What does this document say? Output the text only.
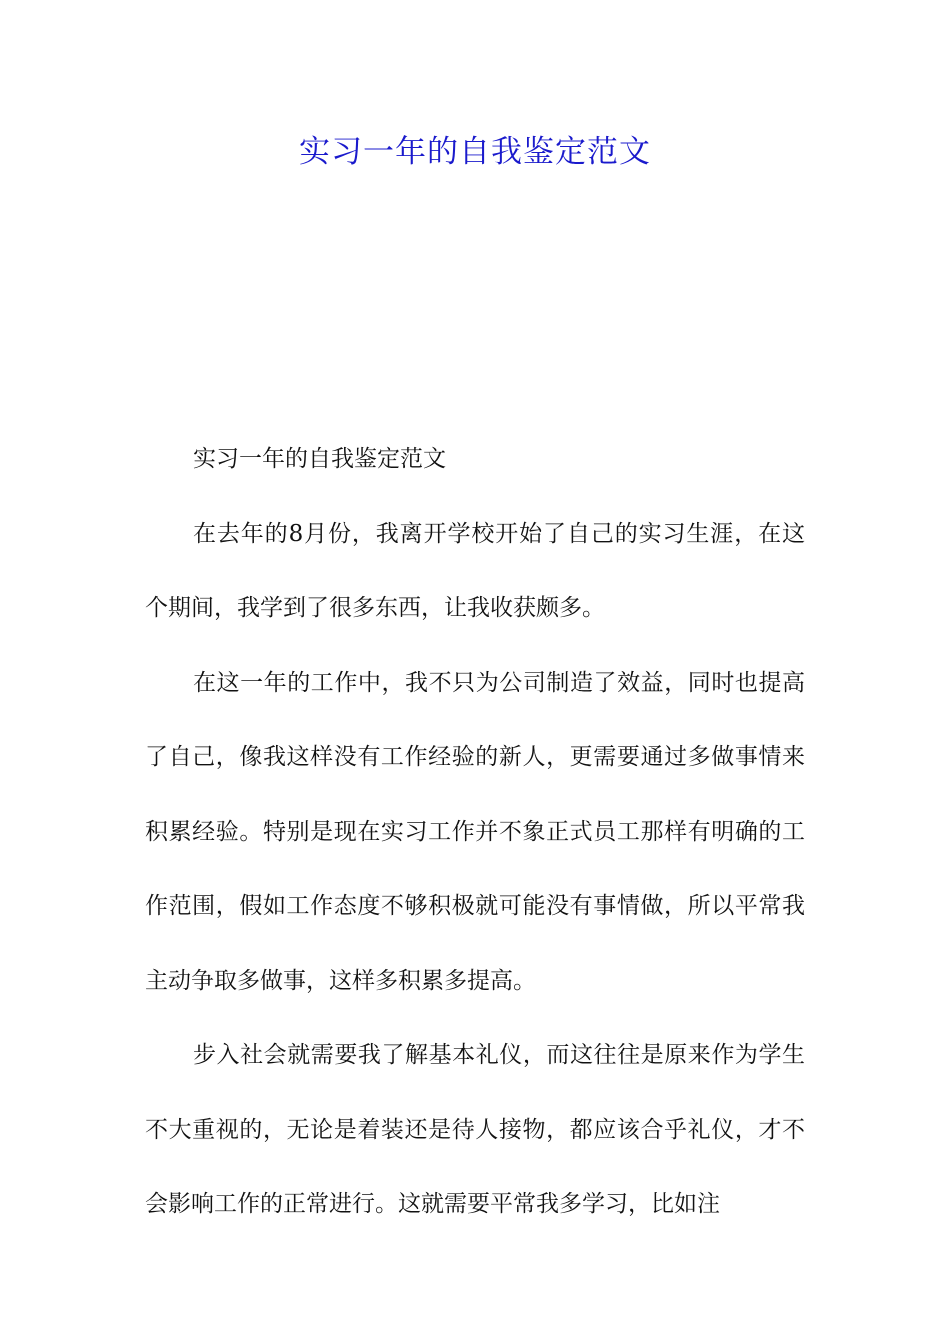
实习一年的自我鉴定范文

实习一年的自我鉴定范文

在去年的8月份，我离开学校开始了自己的实习生涯，在这个期间，我学到了很多东西，让我收获颇多。

在这一年的工作中，我不只为公司制造了效益，同时也提高了自己，像我这样没有工作经验的新人，更需要通过多做事情来积累经验。特别是现在实习工作并不象正式员工那样有明确的工作范围，假如工作态度不够积极就可能没有事情做，所以平常我主动争取多做事，这样多积累多提高。

步入社会就需要我了解基本礼仪，而这往往是原来作为学生不大重视的，无论是着装还是待人接物，都应该合乎礼仪，才不会影响工作的正常进行。这就需要平常我多学习，比如注
